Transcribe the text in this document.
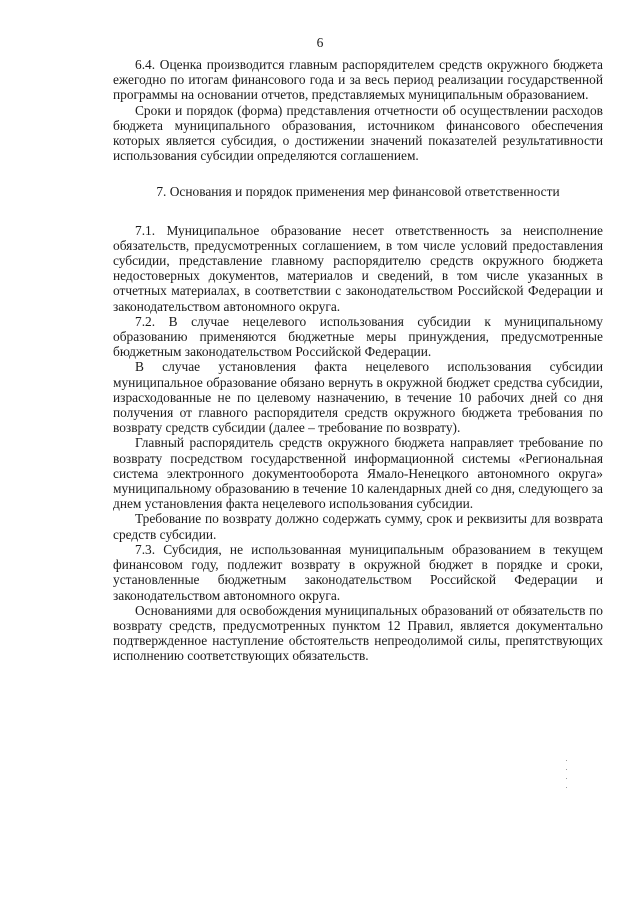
6

6.4. Оценка производится главным распорядителем средств окружного бюджета ежегодно по итогам финансового года и за весь период реализации государственной программы на основании отчетов, представляемых муниципальным образованием.

Сроки и порядок (форма) представления отчетности об осуществлении расходов бюджета муниципального образования, источником финансового обеспечения которых является субсидия, о достижении значений показателей результативности использования субсидии определяются соглашением.

7. Основания и порядок применения мер финансовой ответственности

7.1. Муниципальное образование несет ответственность за неисполнение обязательств, предусмотренных соглашением, в том числе условий предоставления субсидии, представление главному распорядителю средств окружного бюджета недостоверных документов, материалов и сведений, в том числе указанных в отчетных материалах, в соответствии с законодательством Российской Федерации и законодательством автономного округа.

7.2. В случае нецелевого использования субсидии к муниципальному образованию применяются бюджетные меры принуждения, предусмотренные бюджетным законодательством Российской Федерации.

В случае установления факта нецелевого использования субсидии муниципальное образование обязано вернуть в окружной бюджет средства субсидии, израсходованные не по целевому назначению, в течение 10 рабочих дней со дня получения от главного распорядителя средств окружного бюджета требования по возврату средств субсидии (далее – требование по возврату).

Главный распорядитель средств окружного бюджета направляет требование по возврату посредством государственной информационной системы «Региональная система электронного документооборота Ямало-Ненецкого автономного округа» муниципальному образованию в течение 10 календарных дней со дня, следующего за днем установления факта нецелевого использования субсидии.

Требование по возврату должно содержать сумму, срок и реквизиты для возврата средств субсидии.

7.3. Субсидия, не использованная муниципальным образованием в текущем финансовом году, подлежит возврату в окружной бюджет в порядке и сроки, установленные бюджетным законодательством Российской Федерации и законодательством автономного округа.

Основаниями для освобождения муниципальных образований от обязательств по возврату средств, предусмотренных пунктом 12 Правил, является документально подтвержденное наступление обстоятельств непреодолимой силы, препятствующих исполнению соответствующих обязательств.
